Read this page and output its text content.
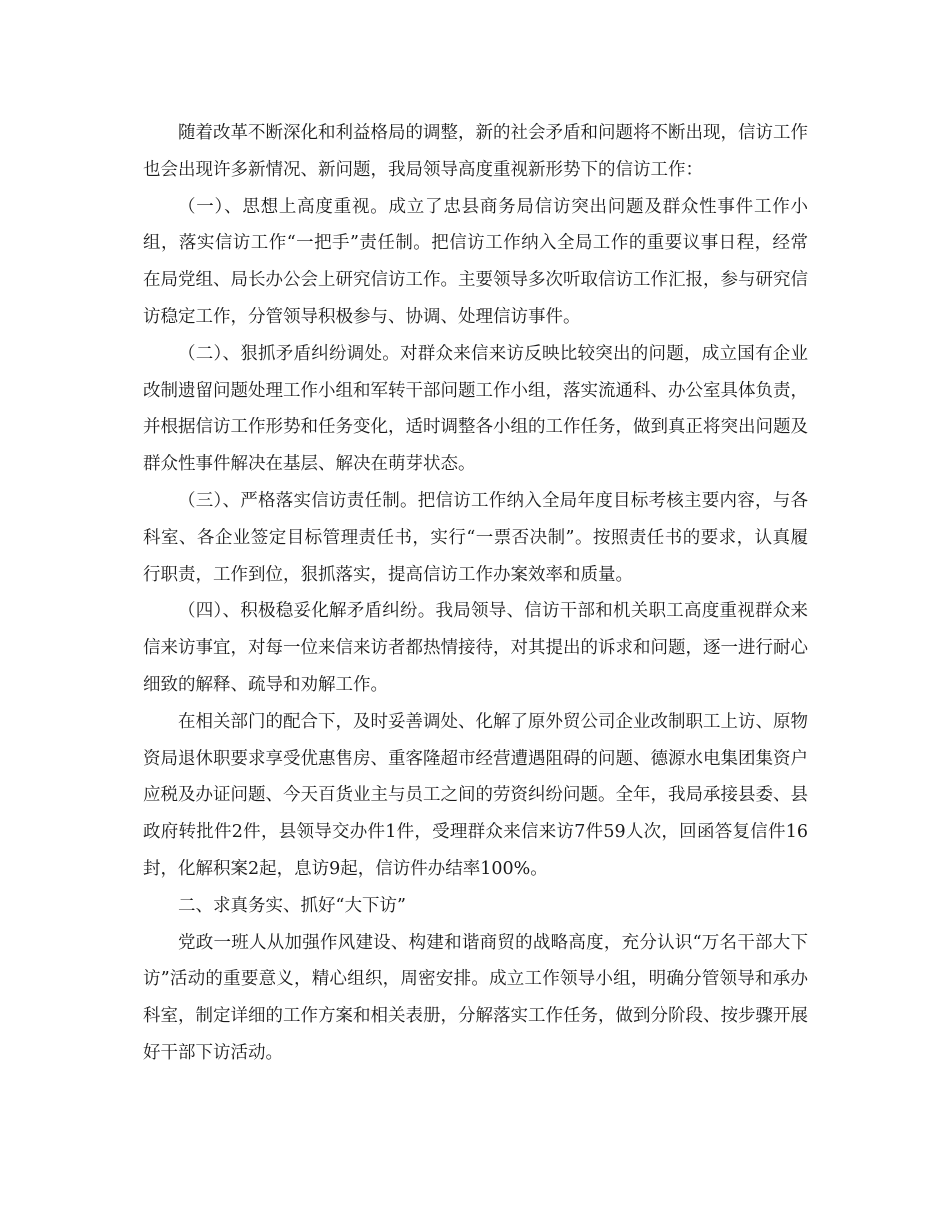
随着改革不断深化和利益格局的调整，新的社会矛盾和问题将不断出现，信访工作也会出现许多新情况、新问题，我局领导高度重视新形势下的信访工作：

（一）、思想上高度重视。成立了忠县商务局信访突出问题及群众性事件工作小组，落实信访工作“一把手”责任制。把信访工作纳入全局工作的重要议事日程，经常在局党组、局长办公会上研究信访工作。主要领导多次听取信访工作汇报，参与研究信访稳定工作，分管领导积极参与、协调、处理信访事件。

（二）、狠抓矛盾纠纷调处。对群众来信来访反映比较突出的问题，成立国有企业改制遗留问题处理工作小组和军转干部问题工作小组，落实流通科、办公室具体负责，并根据信访工作形势和任务变化，适时调整各小组的工作任务，做到真正将突出问题及群众性事件解决在基层、解决在萌芽状态。

（三）、严格落实信访责任制。把信访工作纳入全局年度目标考核主要内容，与各科室、各企业签定目标管理责任书，实行“一票否决制”。按照责任书的要求，认真履行职责，工作到位，狠抓落实，提高信访工作办案效率和质量。

（四）、积极稳妥化解矛盾纠纷。我局领导、信访干部和机关职工高度重视群众来信来访事宜，对每一位来信来访者都热情接待，对其提出的诉求和问题，逐一进行耐心细致的解释、疏导和劝解工作。

在相关部门的配合下，及时妥善调处、化解了原外贸公司企业改制职工上访、原物资局退休职要求享受优惠售房、重客隆超市经营遭遇阻碍的问题、德源水电集团集资户应税及办证问题、今天百货业主与员工之间的劳资纠纷问题。全年，我局承接县委、县政府转批件2件，县领导交办件1件，受理群众来信来访7件59人次，回函答复信件16封，化解积案2起，息访9起，信访件办结率100%。

二、求真务实、抓好“大下访”

党政一班人从加强作风建设、构建和谐商贸的战略高度，充分认识“万名干部大下访”活动的重要意义，精心组织，周密安排。成立工作领导小组，明确分管领导和承办科室，制定详细的工作方案和相关表册，分解落实工作任务，做到分阶段、按步骤开展好干部下访活动。
